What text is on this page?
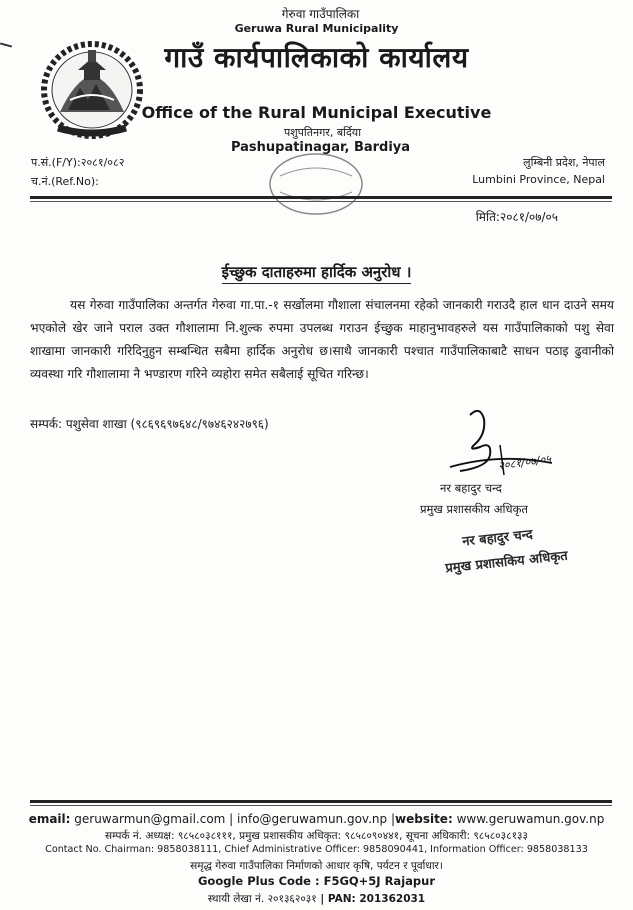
गेरुवा गाउँपालिका
Geruwa Rural Municipality
गाउँ कार्यपालिकाको कार्यालय
Office of the Rural Municipal Executive
पशुपतिनगर, बर्दिया
Pashupatinagar, Bardiya
प.सं.(F/Y):२०८१/०८२
च.नं.(Ref.No):
लुम्बिनी प्रदेश, नेपाल
Lumbini Province, Nepal
मिति:२०८१/०७/०५
ईच्छुक दाताहरुमा हार्दिक अनुरोध ।
यस गेरुवा गाउँपालिका अन्तर्गत गेरुवा गा.पा.-१ सर्खोलमा गौशाला संचालनमा रहेको जानकारी गराउदै हाल धान दाउने समय भएकोले खेर जाने पराल उक्त गौशालामा नि.शुल्क रुपमा उपलब्ध गराउन ईच्छुक माहानुभावहरुले यस गाउँपालिकाको पशु सेवा शाखामा जानकारी गरिदिनुहुन सम्बन्धित सबैमा हार्दिक अनुरोध छ।साथै जानकारी पश्चात गाउँपालिकाबाटै साधन पठाइ ढुवानीको व्यवस्था गरि गौशालामा नै भण्डारण गरिने व्यहोरा समेत सबैलाई सूचित गरिन्छ।
सम्पर्क: पशुसेवा शाखा (९८६९६९७६४८/९७४६२४२७९६)
२०८१/०७/०५
नर बहादुर चन्द
प्रमुख प्रशासकीय अधिकृत
नर बहादुर चन्द
प्रमुख प्रशासकिय अधिकृत
email: geruwarmun@gmail.com | info@geruwamun.gov.np |website: www.geruwamun.gov.np
सम्पर्क नं. अध्यक्ष: ९८५८०३८१११, प्रमुख प्रशासकीय अधिकृत: ९८५८०९०४४१, सूचना अधिकारी: ९८५८०३८१३३
Contact No. Chairman: 9858038111, Chief Administrative Officer: 9858090441, Information Officer: 9858038133
समृद्ध गेरुवा गाउँपालिका निर्माणको आधार कृषि, पर्यटन र पूर्वाधार।
Google Plus Code : F5GQ+5J Rajapur
स्थायी लेखा नं. २०१३६२०३१ | PAN: 201362031
